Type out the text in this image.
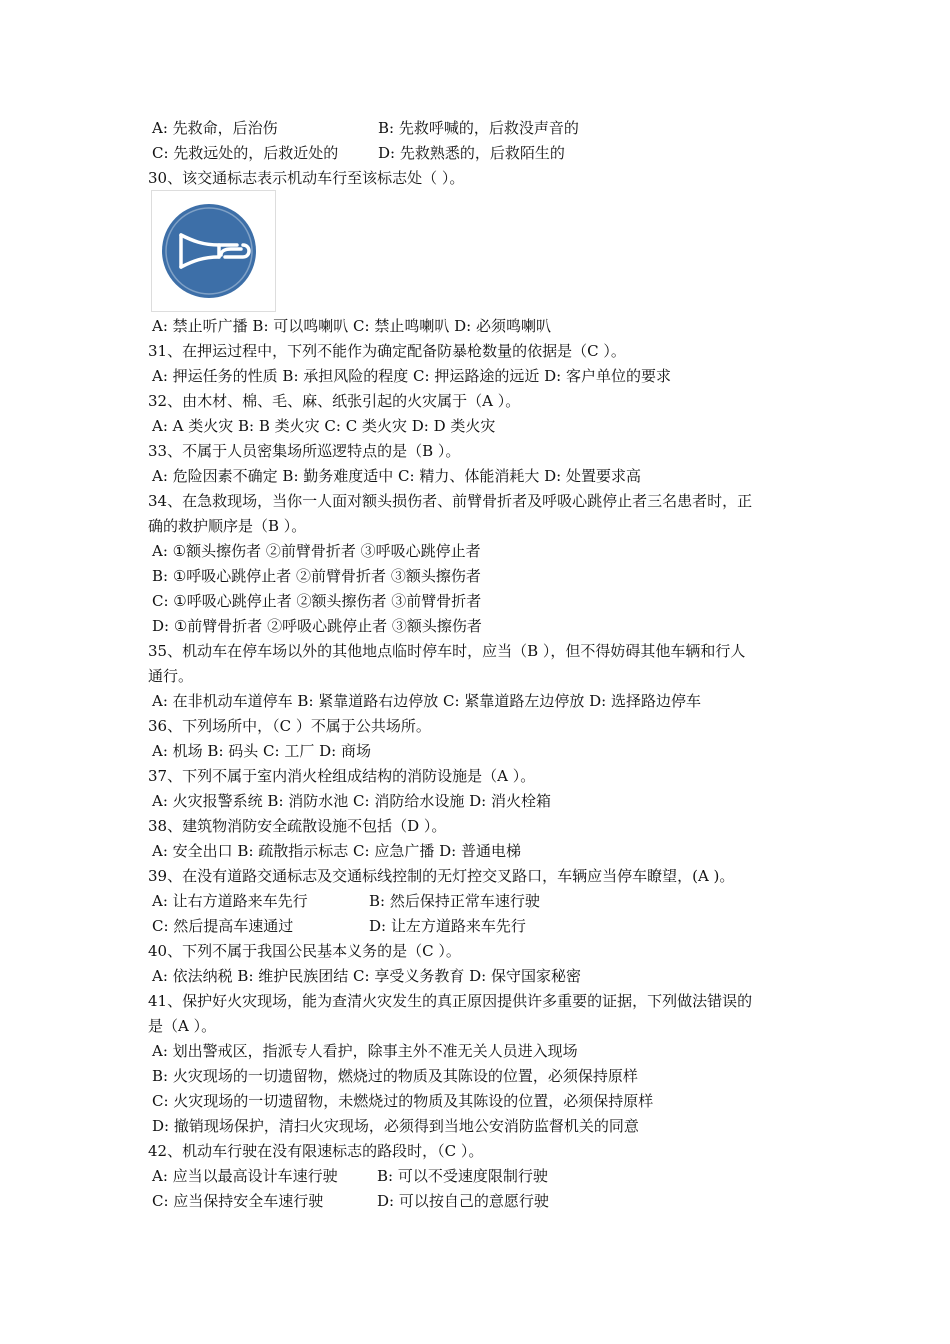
A: 先救命，后治伤	B: 先救呼喊的，后救没声音的
C: 先救远处的，后救近处的	D: 先救熟悉的，后救陌生的
30、该交通标志表示机动车行至该标志处（ ）。
A: 禁止听广播 B: 可以鸣喇叭 C: 禁止鸣喇叭 D: 必须鸣喇叭
31、在押运过程中，下列不能作为确定配备防暴枪数量的依据是（C ）。
A: 押运任务的性质 B: 承担风险的程度 C: 押运路途的远近 D: 客户单位的要求
32、由木材、棉、毛、麻、纸张引起的火灾属于（A ）。
A: A 类火灾 B: B 类火灾 C: C 类火灾 D: D 类火灾
33、不属于人员密集场所巡逻特点的是（B ）。
A: 危险因素不确定 B: 勤务难度适中 C: 精力、体能消耗大 D: 处置要求高
34、在急救现场，当你一人面对额头损伤者、前臂骨折者及呼吸心跳停止者三名患者时，正
确的救护顺序是（B ）。
A: ①额头擦伤者 ②前臂骨折者 ③呼吸心跳停止者
B: ①呼吸心跳停止者 ②前臂骨折者 ③额头擦伤者
C: ①呼吸心跳停止者 ②额头擦伤者 ③前臂骨折者
D: ①前臂骨折者 ②呼吸心跳停止者 ③额头擦伤者
35、机动车在停车场以外的其他地点临时停车时，应当（B ），但不得妨碍其他车辆和行人
通行。
A: 在非机动车道停车 B: 紧靠道路右边停放 C: 紧靠道路左边停放 D: 选择路边停车
36、下列场所中，（C ）不属于公共场所。
A: 机场 B: 码头 C: 工厂 D: 商场
37、下列不属于室内消火栓组成结构的消防设施是（A ）。
A: 火灾报警系统 B: 消防水池 C: 消防给水设施 D: 消火栓箱
38、建筑物消防安全疏散设施不包括（D ）。
A: 安全出口 B: 疏散指示标志 C: 应急广播 D: 普通电梯
39、在没有道路交通标志及交通标线控制的无灯控交叉路口，车辆应当停车瞭望，(A )。
A: 让右方道路来车先行	B: 然后保持正常车速行驶
C: 然后提高车速通过	D: 让左方道路来车先行
40、下列不属于我国公民基本义务的是（C ）。
A: 依法纳税 B: 维护民族团结 C: 享受义务教育 D: 保守国家秘密
41、保护好火灾现场，能为查清火灾发生的真正原因提供许多重要的证据，下列做法错误的
是（A ）。
A: 划出警戒区，指派专人看护，除事主外不准无关人员进入现场
B: 火灾现场的一切遗留物，燃烧过的物质及其陈设的位置，必须保持原样
C: 火灾现场的一切遗留物，未燃烧过的物质及其陈设的位置，必须保持原样
D: 撤销现场保护，清扫火灾现场，必须得到当地公安消防监督机关的同意
42、机动车行驶在没有限速标志的路段时，（C ）。
A: 应当以最高设计车速行驶	B: 可以不受速度限制行驶
C: 应当保持安全车速行驶	D: 可以按自己的意愿行驶
